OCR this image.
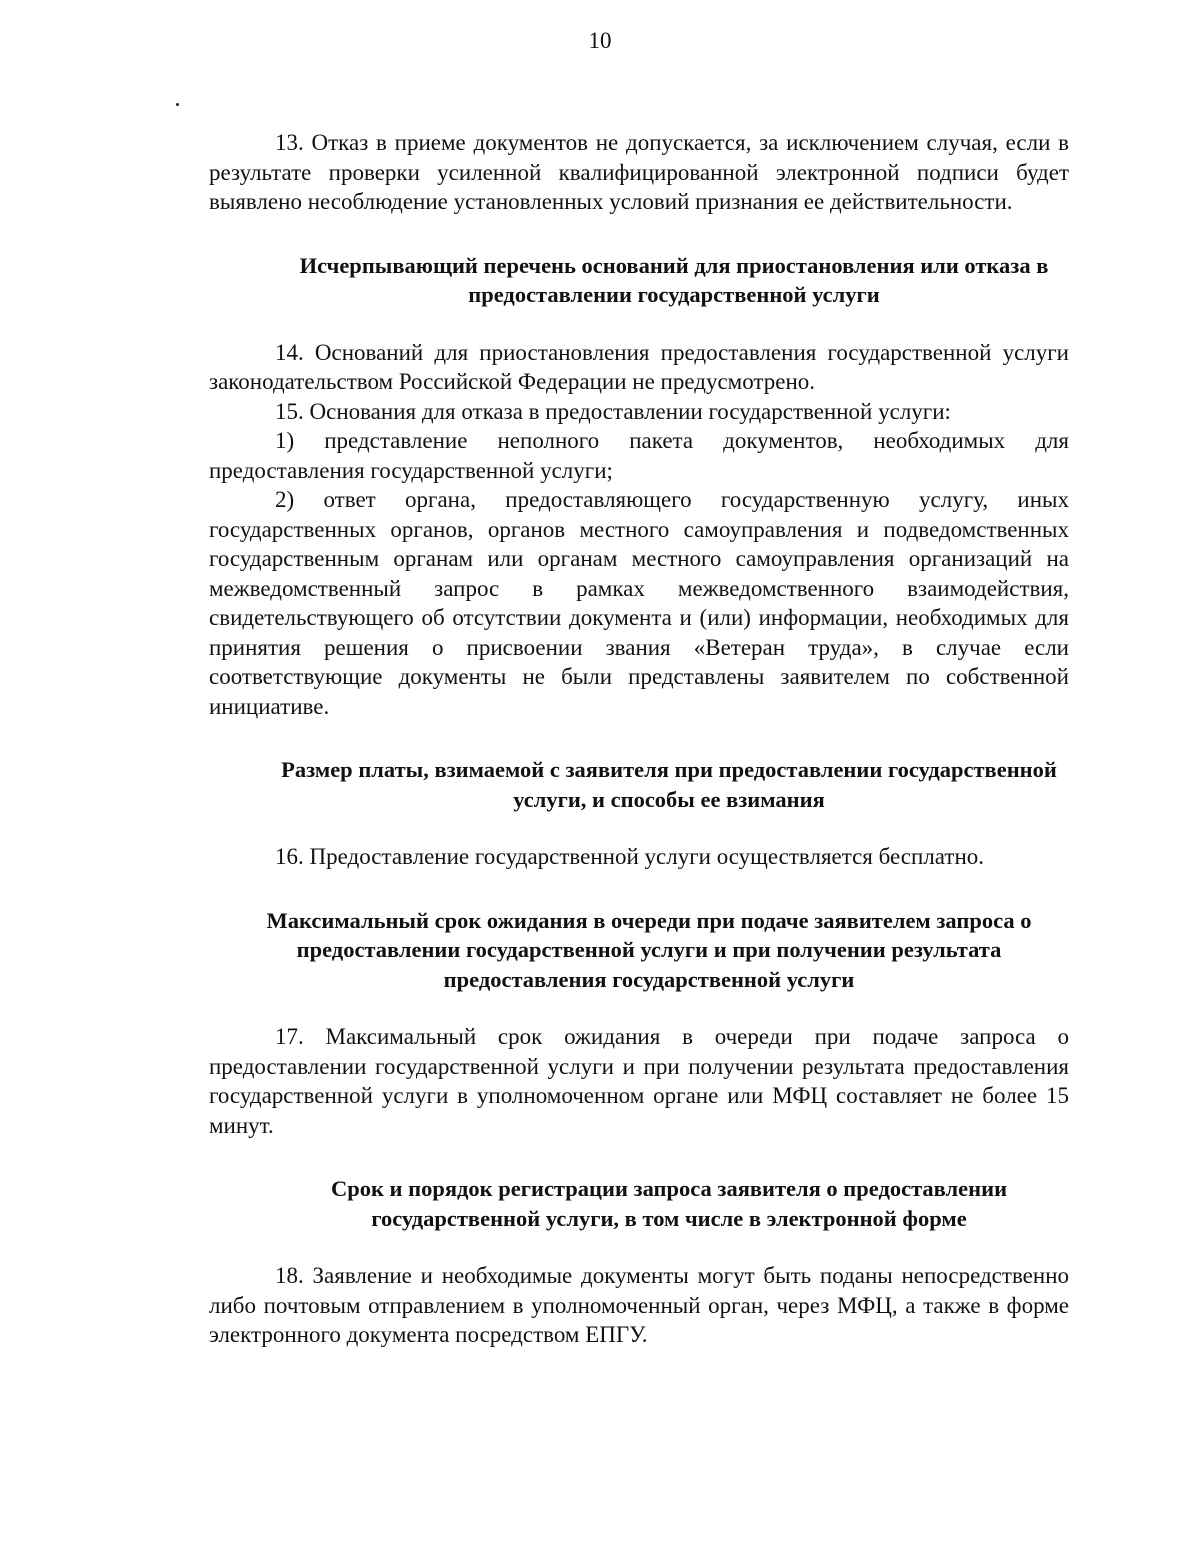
10

13. Отказ в приеме документов не допускается, за исключением случая, если в результате проверки усиленной квалифицированной электронной подписи будет выявлено несоблюдение установленных условий признания ее действительности.

Исчерпывающий перечень оснований для приостановления или отказа в предоставлении государственной услуги

14. Оснований для приостановления предоставления государственной услуги законодательством Российской Федерации не предусмотрено.

15. Основания для отказа в предоставлении государственной услуги:

1) представление неполного пакета документов, необходимых для предоставления государственной услуги;

2) ответ органа, предоставляющего государственную услугу, иных государственных органов, органов местного самоуправления и подведомственных государственным органам или органам местного самоуправления организаций на межведомственный запрос в рамках межведомственного взаимодействия, свидетельствующего об отсутствии документа и (или) информации, необходимых для принятия решения о присвоении звания «Ветеран труда», в случае если соответствующие документы не были представлены заявителем по собственной инициативе.

Размер платы, взимаемой с заявителя при предоставлении государственной услуги, и способы ее взимания

16. Предоставление государственной услуги осуществляется бесплатно.

Максимальный срок ожидания в очереди при подаче заявителем запроса о предоставлении государственной услуги и при получении результата предоставления государственной услуги

17. Максимальный срок ожидания в очереди при подаче запроса о предоставлении государственной услуги и при получении результата предоставления государственной услуги в уполномоченном органе или МФЦ составляет не более 15 минут.

Срок и порядок регистрации запроса заявителя о предоставлении государственной услуги, в том числе в электронной форме

18. Заявление и необходимые документы могут быть поданы непосредственно либо почтовым отправлением в уполномоченный орган, через МФЦ, а также в форме электронного документа посредством ЕПГУ.
